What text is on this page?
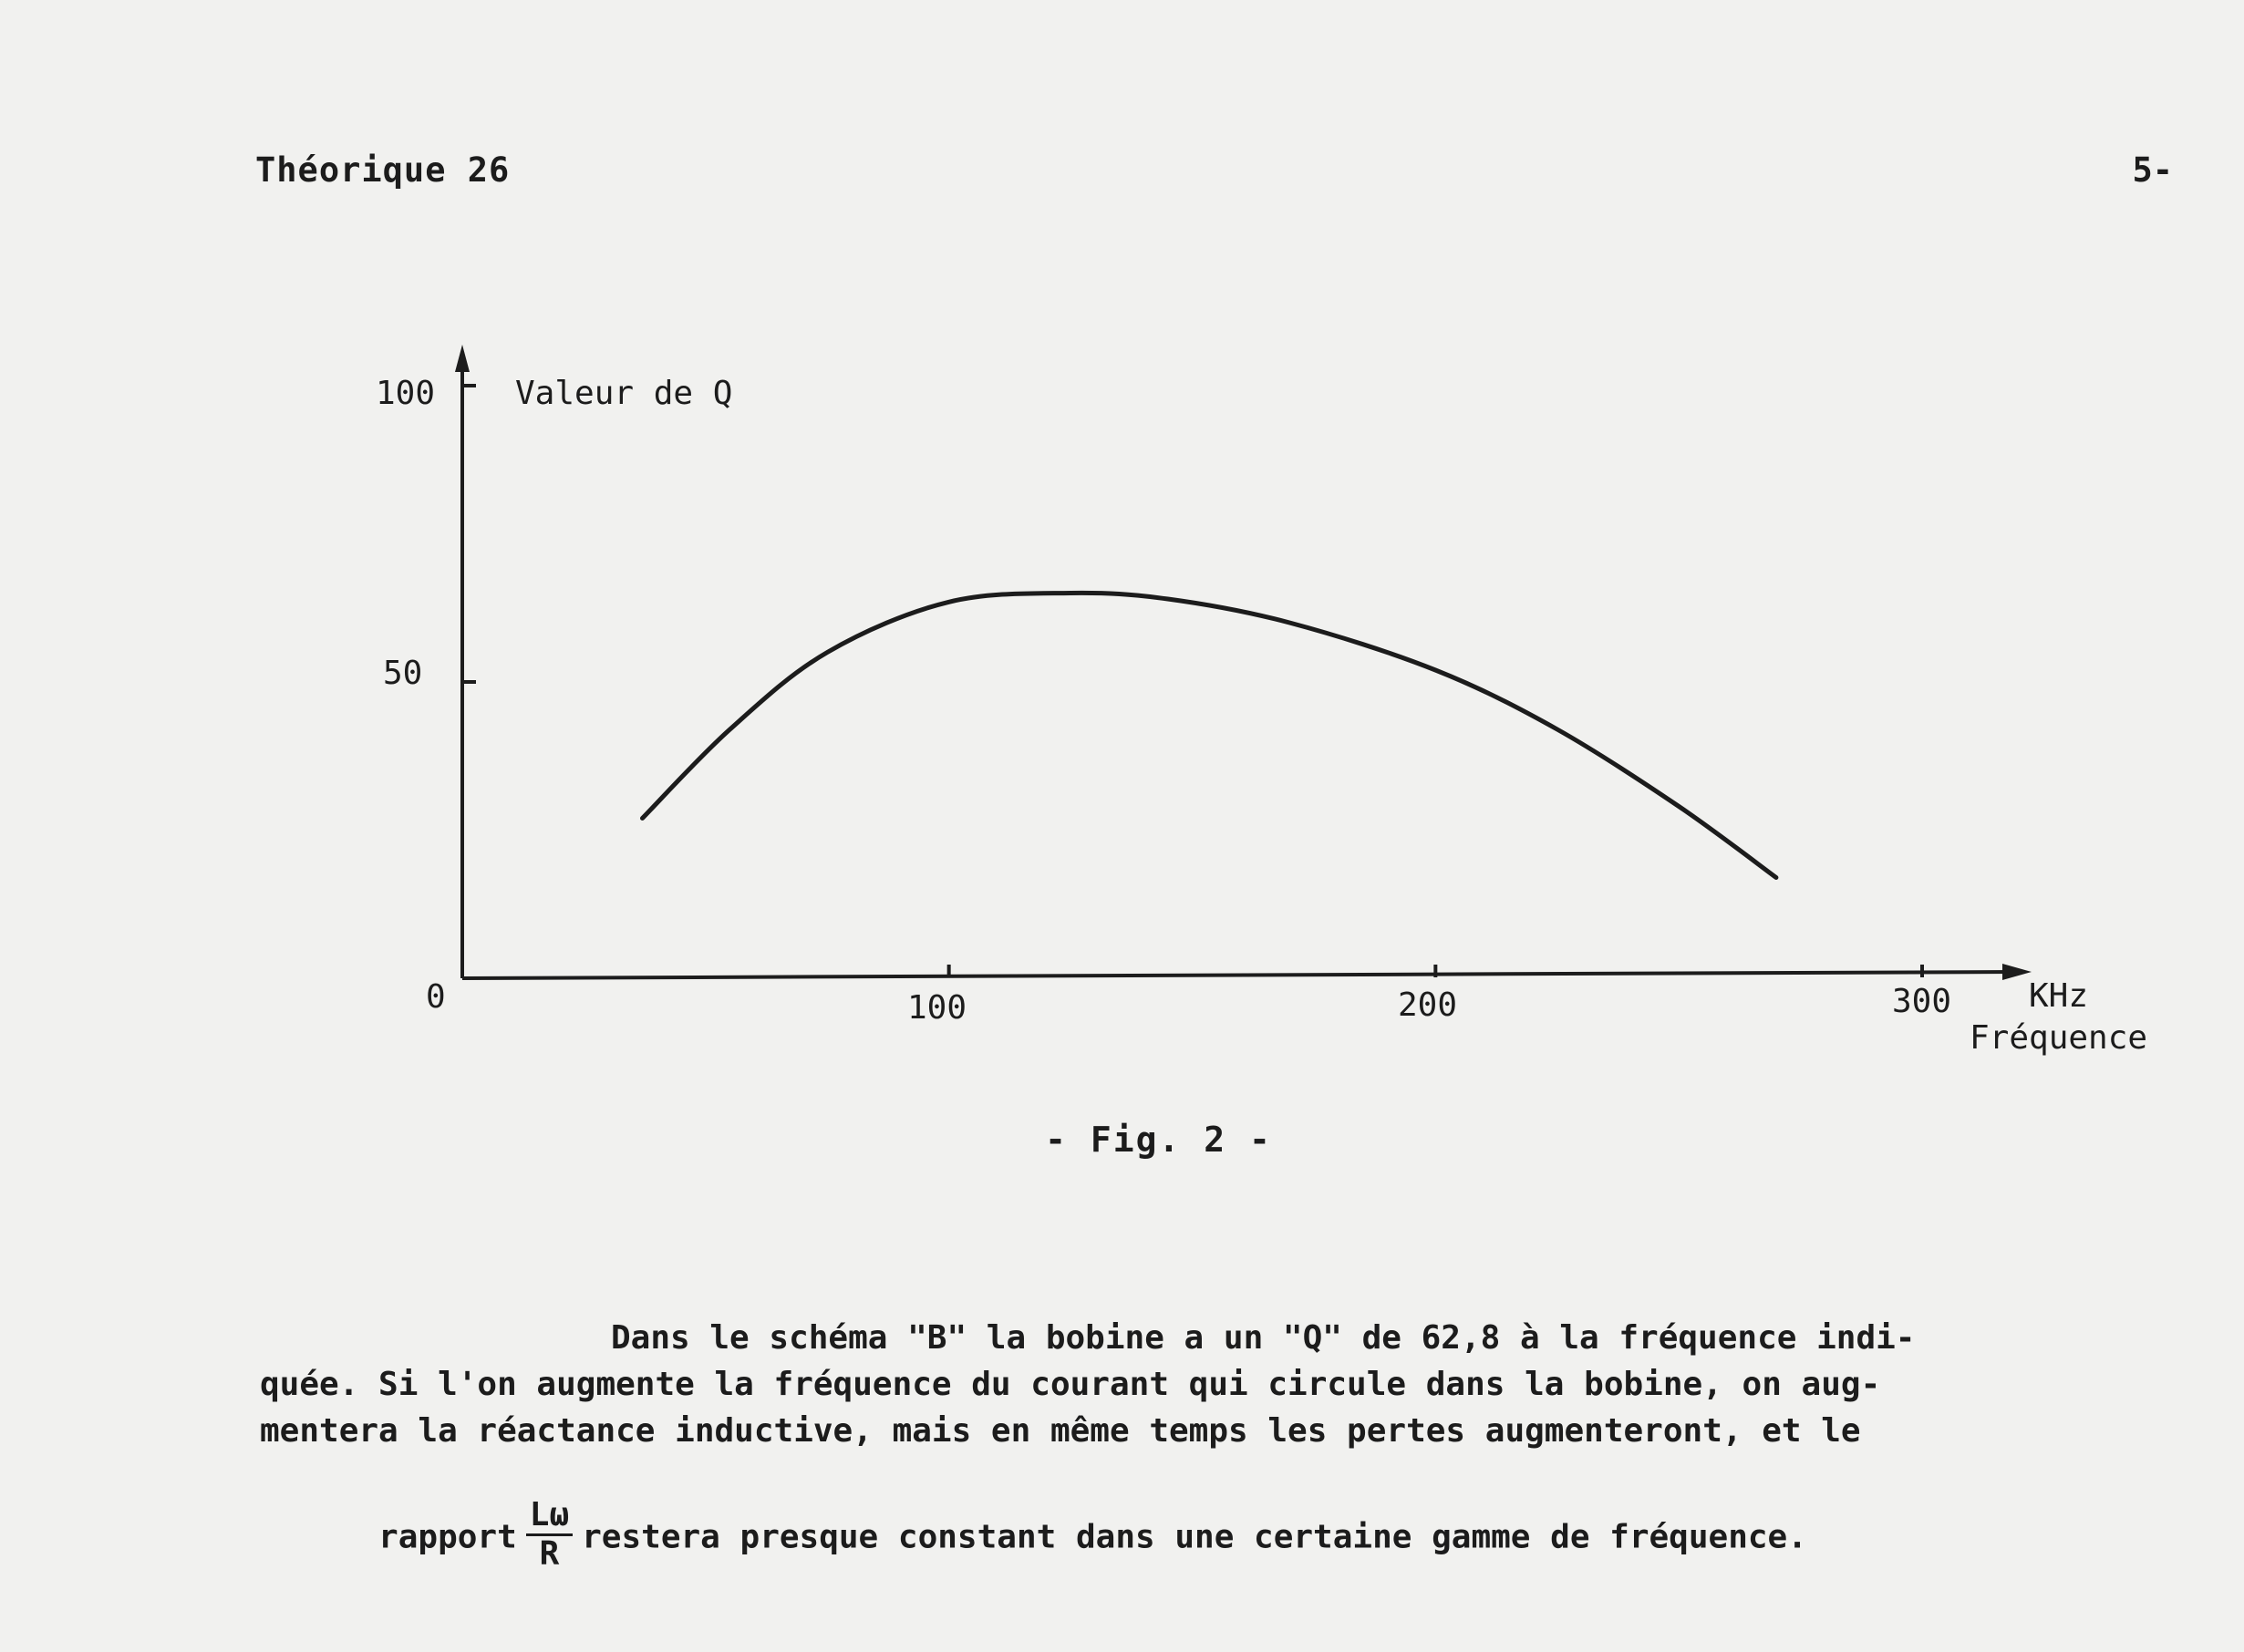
Théorique 26	5-
100
50
0	100	200	300
Valeur de Q
KHz
Fréquence
- Fig. 2 -
Dans le schéma "B" la bobine a un "Q" de 62,8 à la fréquence indi-
quée. Si l'on augmente la fréquence du courant qui circule dans la bobine, on aug-
mentera la réactance inductive, mais en même temps les pertes augmenteront, et le

rapport $\frac{L\omega}{R}$ restera presque constant dans une certaine gamme de fréquence.
